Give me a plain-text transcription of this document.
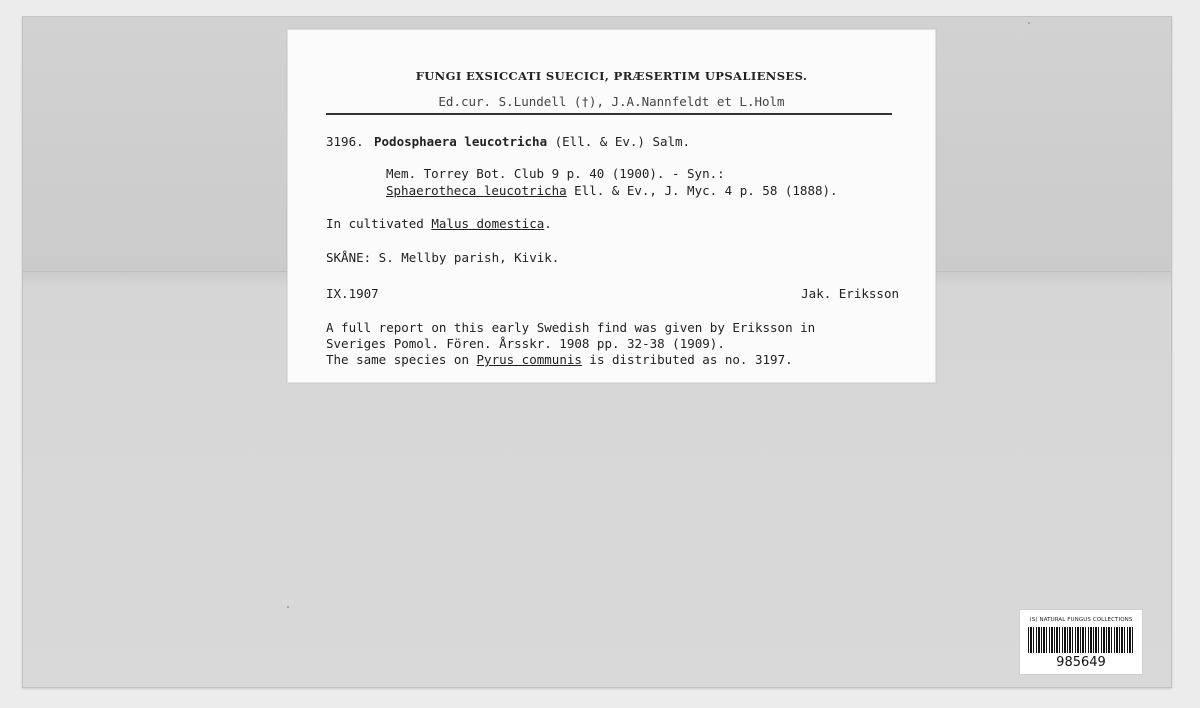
FUNGI EXSICCATI SUECICI, PRÆSERTIM UPSALIENSES.
Ed.cur. S.Lundell (†), J.A.Nannfeldt et L.Holm
3196. Podosphaera leucotricha (Ell. & Ev.) Salm.
Mem. Torrey Bot. Club 9 p. 40 (1900). - Syn.:
Sphaerotheca leucotricha Ell. & Ev., J. Myc. 4 p. 58 (1888).
In cultivated Malus domestica.
SKÅNE: S. Mellby parish, Kivik.
IX.1907	Jak. Eriksson
A full report on this early Swedish find was given by Eriksson in
Sveriges Pomol. Fören. Årsskr. 1908 pp. 32-38 (1909).
The same species on Pyrus communis is distributed as no. 3197.
(S) NATURAL FUNGUS COLLECTIONS
985649
